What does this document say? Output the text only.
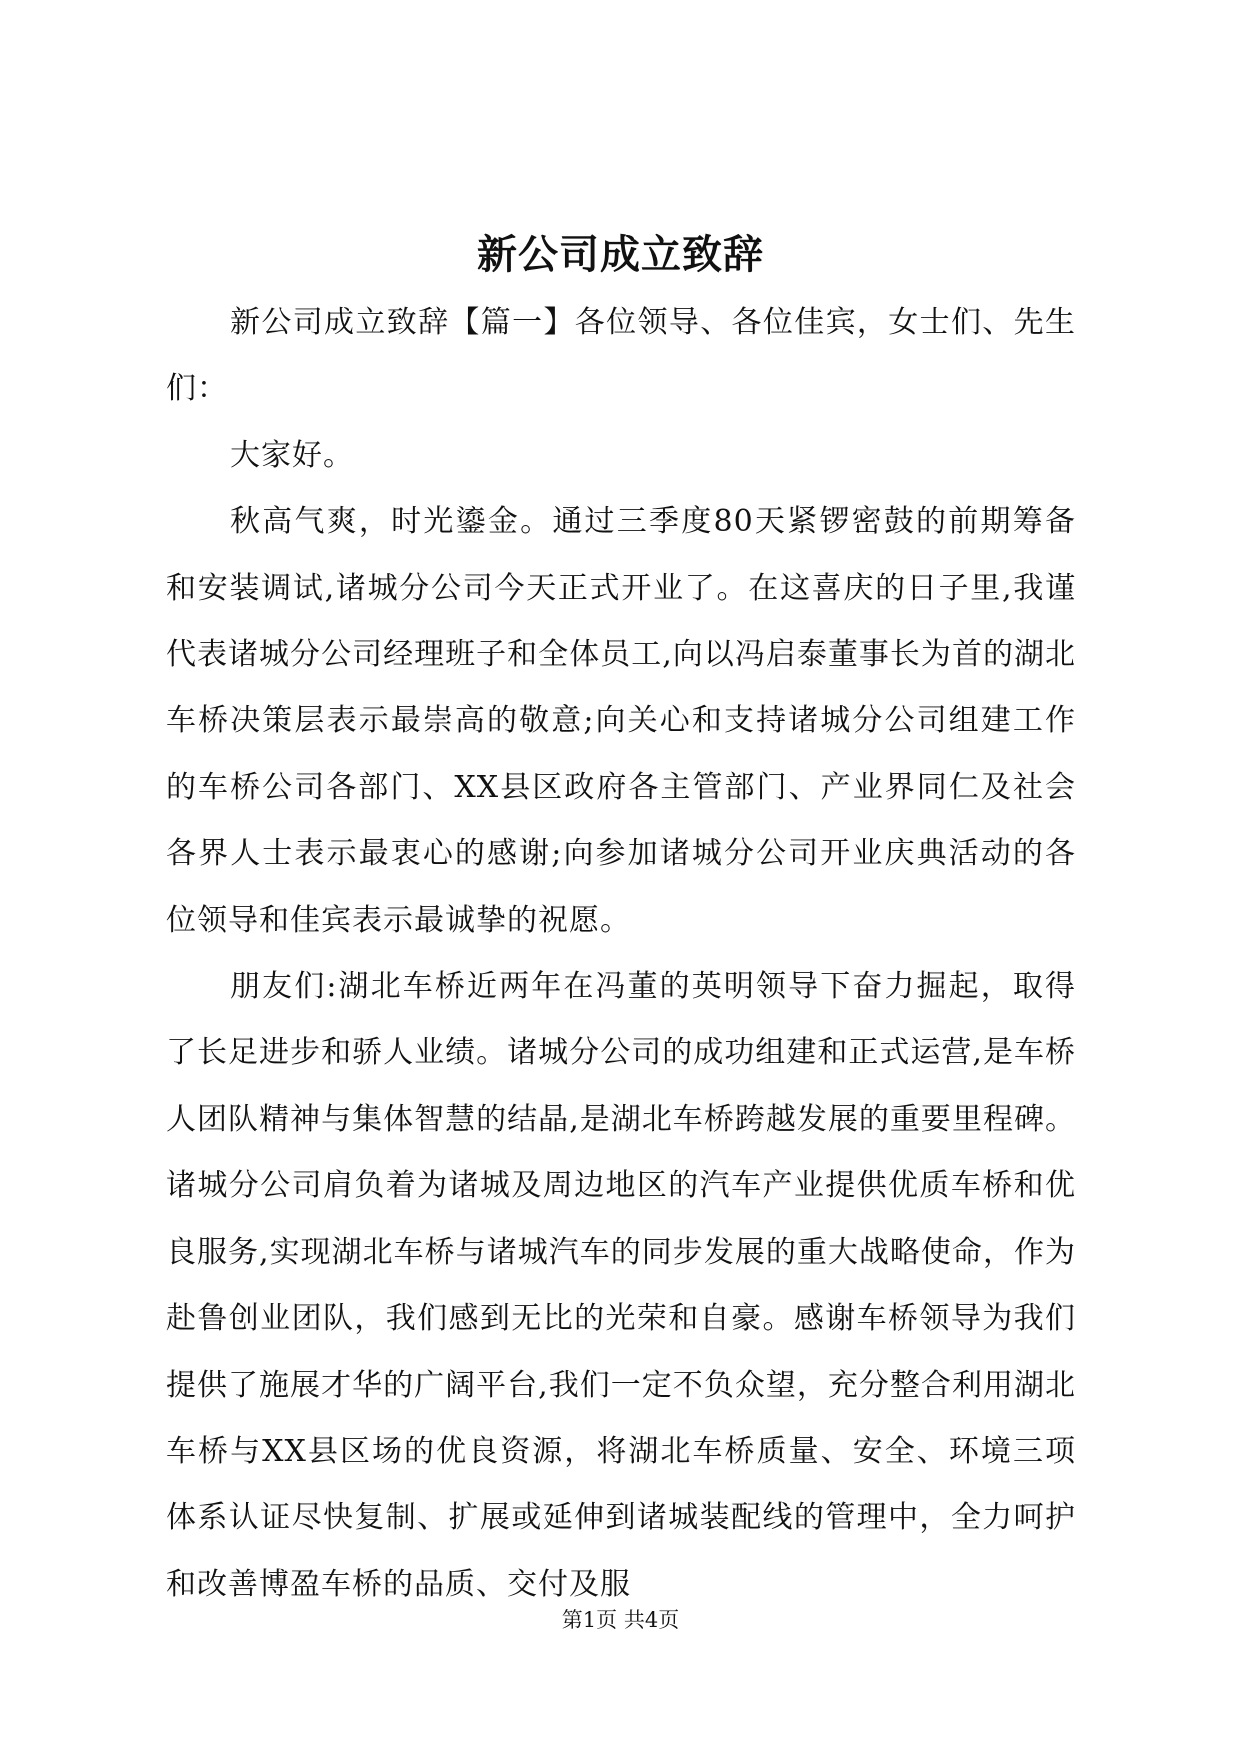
新公司成立致辞

新公司成立致辞【篇一】各位领导、各位佳宾，女士们、先生们：

大家好。

秋高气爽，时光鎏金。通过三季度80天紧锣密鼓的前期筹备和安装调试,诸城分公司今天正式开业了。在这喜庆的日子里,我谨代表诸城分公司经理班子和全体员工,向以冯启泰董事长为首的湖北车桥决策层表示最崇高的敬意;向关心和支持诸城分公司组建工作的车桥公司各部门、XX县区政府各主管部门、产业界同仁及社会各界人士表示最衷心的感谢;向参加诸城分公司开业庆典活动的各位领导和佳宾表示最诚挚的祝愿。

朋友们:湖北车桥近两年在冯董的英明领导下奋力掘起，取得了长足进步和骄人业绩。诸城分公司的成功组建和正式运营,是车桥人团队精神与集体智慧的结晶,是湖北车桥跨越发展的重要里程碑。诸城分公司肩负着为诸城及周边地区的汽车产业提供优质车桥和优良服务,实现湖北车桥与诸城汽车的同步发展的重大战略使命，作为赴鲁创业团队，我们感到无比的光荣和自豪。感谢车桥领导为我们提供了施展才华的广阔平台,我们一定不负众望，充分整合利用湖北车桥与XX县区场的优良资源，将湖北车桥质量、安全、环境三项体系认证尽快复制、扩展或延伸到诸城装配线的管理中，全力呵护和改善博盈车桥的品质、交付及服

第1页 共4页
